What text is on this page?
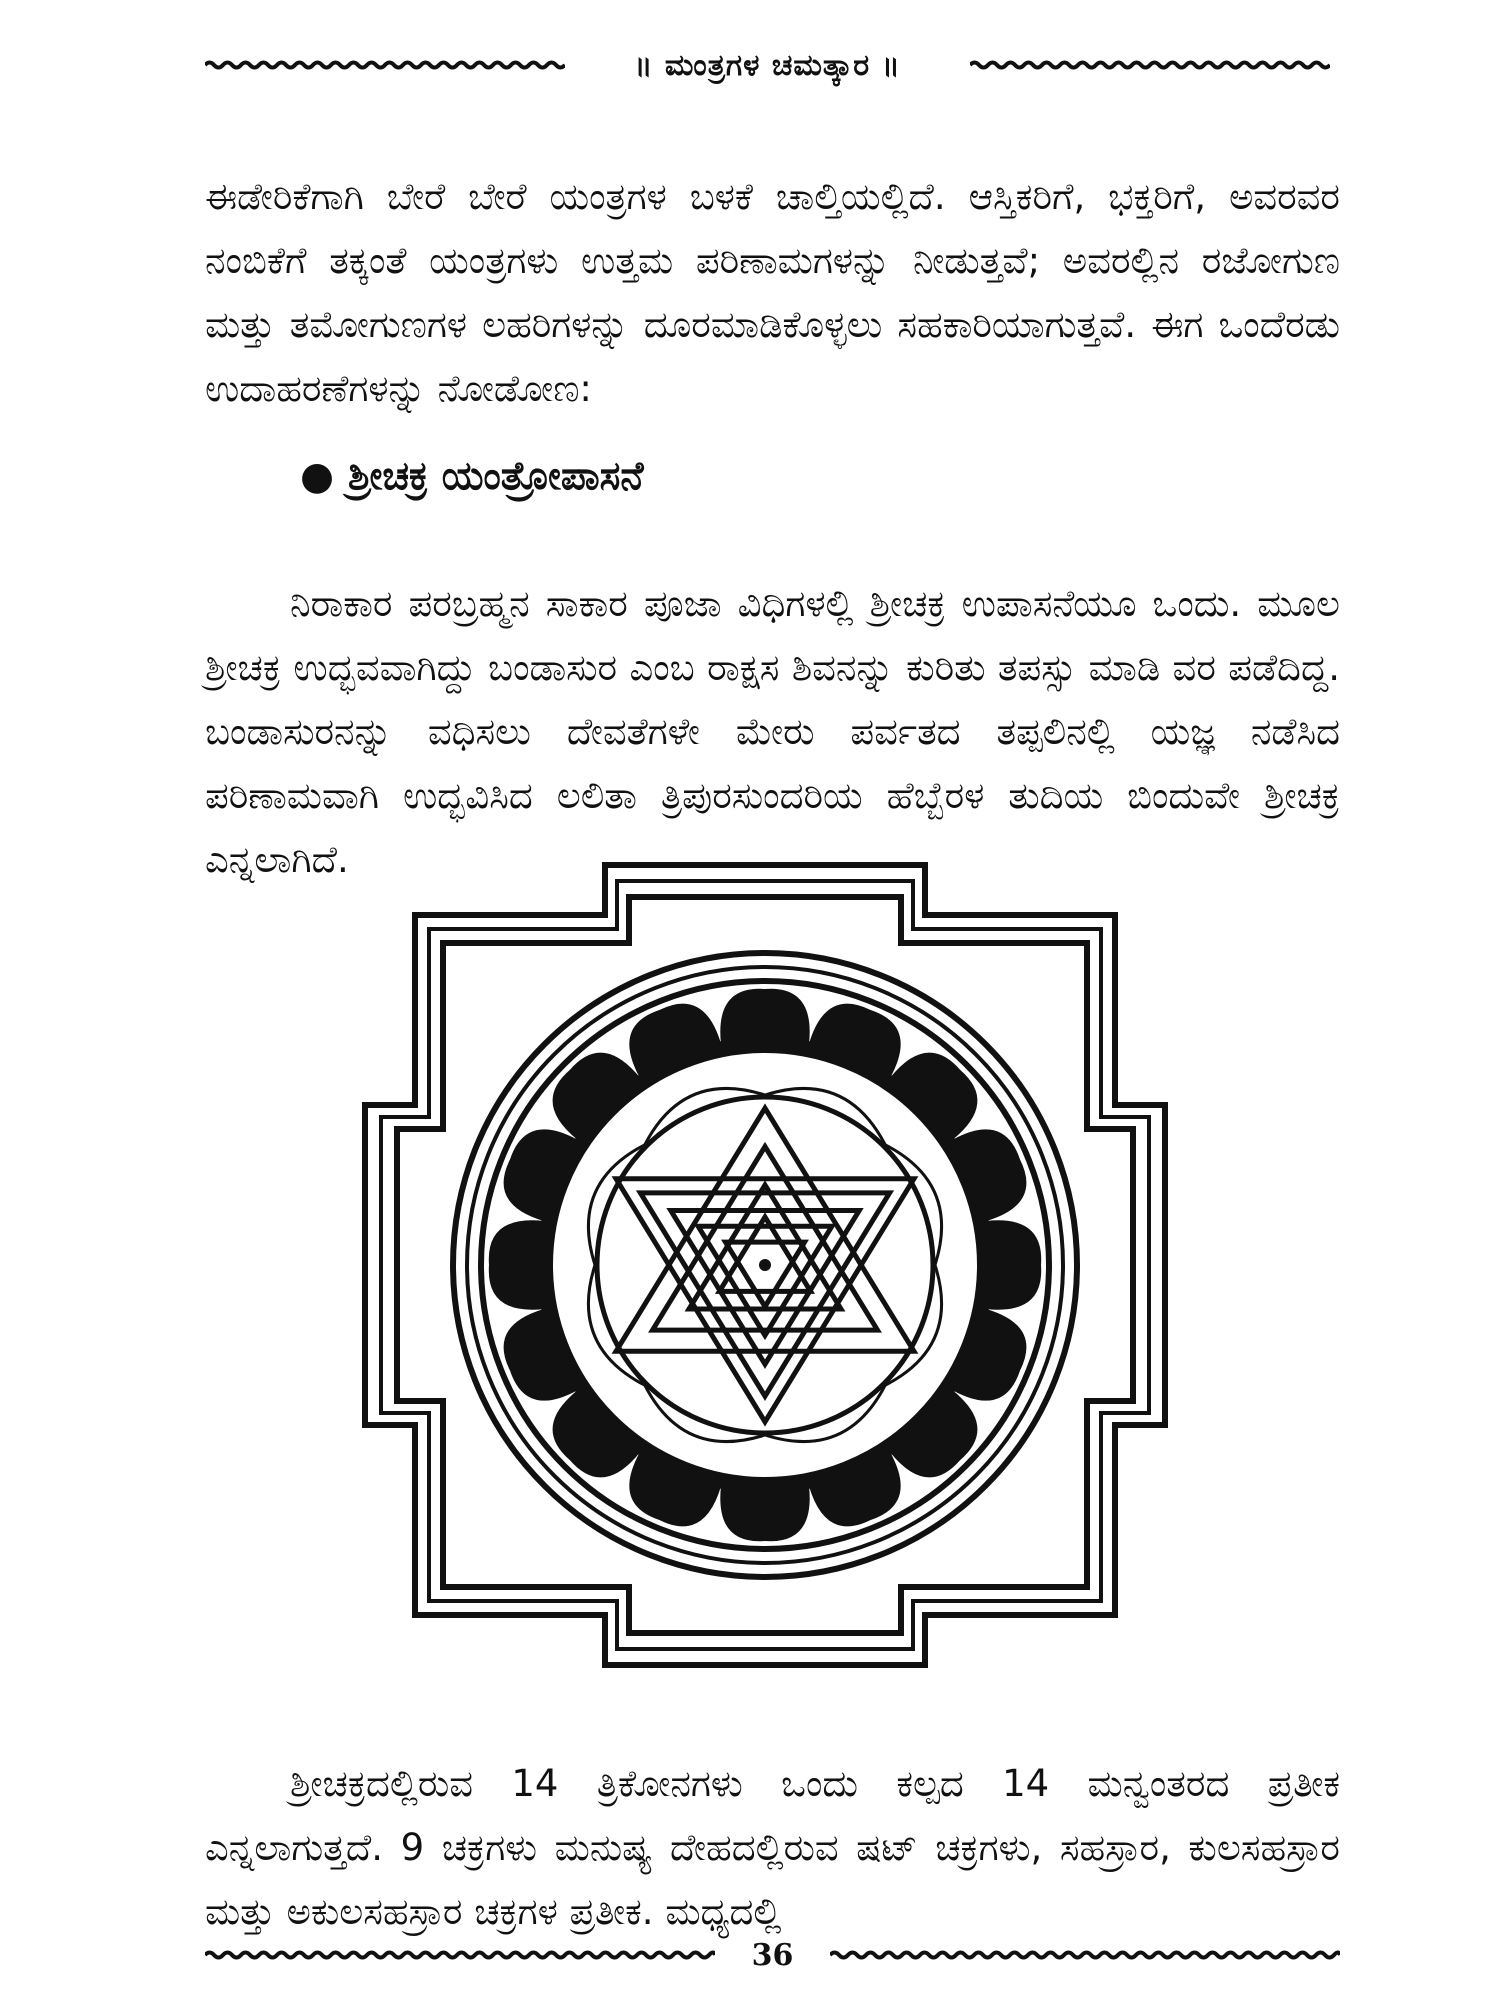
॥ ಮಂತ್ರಗಳ ಚಮತ್ಕಾರ ॥

ಈಡೇರಿಕೆಗಾಗಿ ಬೇರೆ ಬೇರೆ ಯಂತ್ರಗಳ ಬಳಕೆ ಚಾಲ್ತಿಯಲ್ಲಿದೆ. ಆಸ್ತಿಕರಿಗೆ, ಭಕ್ತರಿಗೆ, ಅವರವರ ನಂಬಿಕೆಗೆ ತಕ್ಕಂತೆ ಯಂತ್ರಗಳು ಉತ್ತಮ ಪರಿಣಾಮಗಳನ್ನು ನೀಡುತ್ತವೆ; ಅವರಲ್ಲಿನ ರಜೋಗುಣ ಮತ್ತು ತಮೋಗುಣಗಳ ಲಹರಿಗಳನ್ನು ದೂರಮಾಡಿಕೊಳ್ಳಲು ಸಹಕಾರಿಯಾಗುತ್ತವೆ. ಈಗ ಒಂದೆರಡು ಉದಾಹರಣೆಗಳನ್ನು ನೋಡೋಣ:

● ಶ್ರೀಚಕ್ರ ಯಂತ್ರೋಪಾಸನೆ

ನಿರಾಕಾರ ಪರಬ್ರಹ್ಮನ ಸಾಕಾರ ಪೂಜಾ ವಿಧಿಗಳಲ್ಲಿ ಶ್ರೀಚಕ್ರ ಉಪಾಸನೆಯೂ ಒಂದು. ಮೂಲ ಶ್ರೀಚಕ್ರ ಉದ್ಭವವಾಗಿದ್ದು ಬಂಡಾಸುರ ಎಂಬ ರಾಕ್ಷಸ ಶಿವನನ್ನು ಕುರಿತು ತಪಸ್ಸು ಮಾಡಿ ವರ ಪಡೆದಿದ್ದ. ಬಂಡಾಸುರನನ್ನು ವಧಿಸಲು ದೇವತೆಗಳೇ ಮೇರು ಪರ್ವತದ ತಪ್ಪಲಿನಲ್ಲಿ ಯಜ್ಞ ನಡೆಸಿದ ಪರಿಣಾಮವಾಗಿ ಉದ್ಭವಿಸಿದ ಲಲಿತಾ ತ್ರಿಪುರಸುಂದರಿಯ ಹೆಬ್ಬೆರಳ ತುದಿಯ ಬಿಂದುವೇ ಶ್ರೀಚಕ್ರ ಎನ್ನಲಾಗಿದೆ.

ಶ್ರೀಚಕ್ರದಲ್ಲಿರುವ 14 ತ್ರಿಕೋನಗಳು ಒಂದು ಕಲ್ಪದ 14 ಮನ್ವಂತರದ ಪ್ರತೀಕ ಎನ್ನಲಾಗುತ್ತದೆ. 9 ಚಕ್ರಗಳು ಮನುಷ್ಯ ದೇಹದಲ್ಲಿರುವ ಷಟ್ ಚಕ್ರಗಳು, ಸಹಸ್ರಾರ, ಕುಲಸಹಸ್ರಾರ ಮತ್ತು ಅಕುಲಸಹಸ್ರಾರ ಚಕ್ರಗಳ ಪ್ರತೀಕ. ಮಧ್ಯದಲ್ಲಿ

36
